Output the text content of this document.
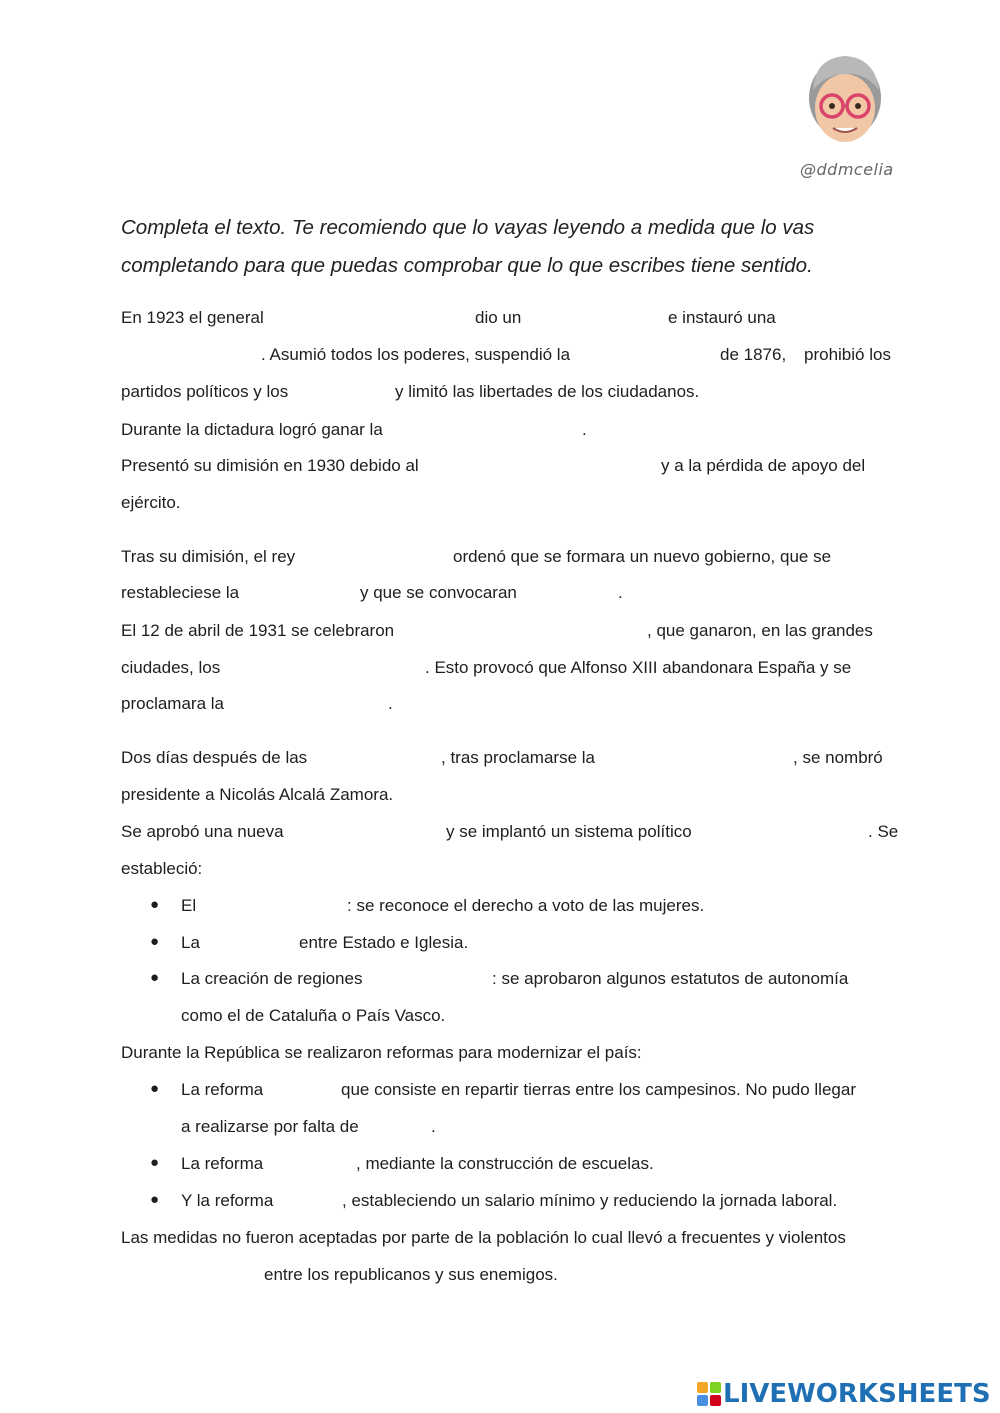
@ddmcelia
Completa el texto. Te recomiendo que lo vayas leyendo a medida que lo vas
completando para que puedas comprobar que lo que escribes tiene sentido.
En 1923 el general	dio un	e instauró una
. Asumió todos los poderes, suspendió la	de 1876, prohibió los
partidos políticos y los	y limitó las libertades de los ciudadanos.
Durante la dictadura logró ganar la	.
Presentó su dimisión en 1930 debido al	y a la pérdida de apoyo del
ejército.
Tras su dimisión, el rey	ordenó que se formara un nuevo gobierno, que se
restableciese la	y que se convocaran	.
El 12 de abril de 1931 se celebraron	, que ganaron, en las grandes
ciudades, los	. Esto provocó que Alfonso XIII abandonara España y se
proclamara la	.
Dos días después de las	, tras proclamarse la	, se nombró
presidente a Nicolás Alcalá Zamora.
Se aprobó una nueva	y se implantó un sistema político	. Se
estableció:
● El	: se reconoce el derecho a voto de las mujeres.
● La	entre Estado e Iglesia.
● La creación de regiones	: se aprobaron algunos estatutos de autonomía
como el de Cataluña o País Vasco.
Durante la República se realizaron reformas para modernizar el país:
● La reforma	que consiste en repartir tierras entre los campesinos. No pudo llegar
a realizarse por falta de	.
● La reforma	, mediante la construcción de escuelas.
● Y la reforma	, estableciendo un salario mínimo y reduciendo la jornada laboral.
Las medidas no fueron aceptadas por parte de la población lo cual llevó a frecuentes y violentos
entre los republicanos y sus enemigos.
LIVEWORKSHEETS
